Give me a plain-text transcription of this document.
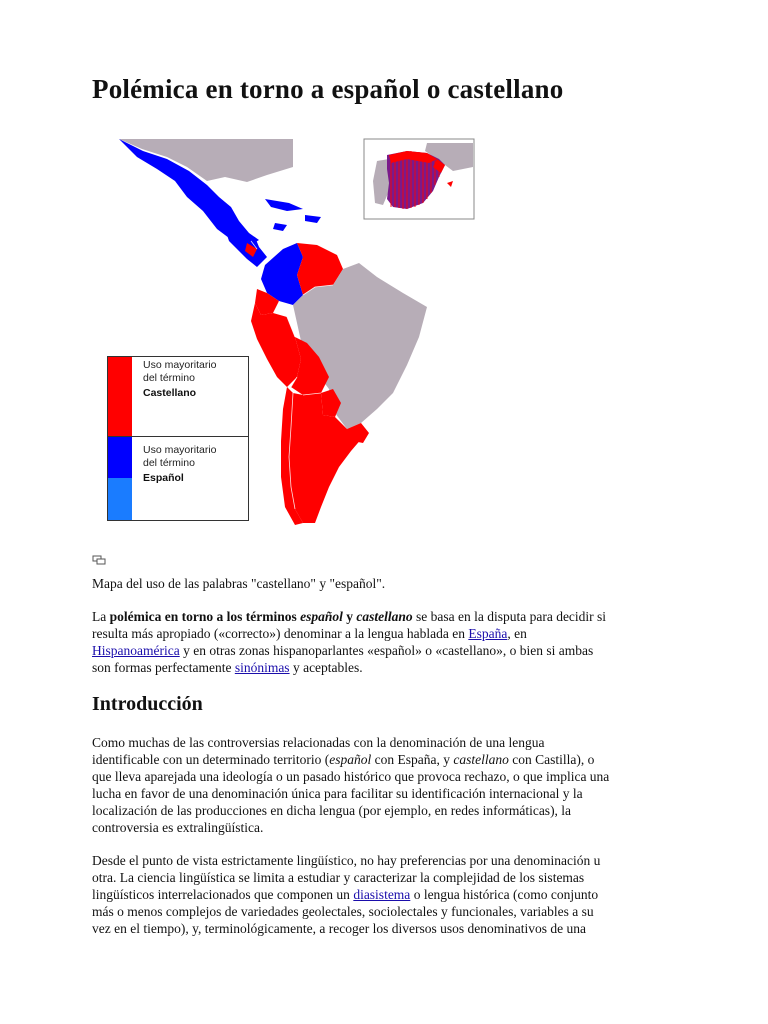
Polémica en torno a español o castellano
Uso mayoritario
del término
Castellano
Uso mayoritario
del término
Español

Mapa del uso de las palabras "castellano" y "español".

La polémica en torno a los términos español y castellano se basa en la disputa para decidir si
resulta más apropiado («correcto») denominar a la lengua hablada en España, en
Hispanoamérica y en otras zonas hispanoparlantes «español» o «castellano», o bien si ambas
son formas perfectamente sinónimas y aceptables.

Introducción

Como muchas de las controversias relacionadas con la denominación de una lengua
identificable con un determinado territorio (español con España, y castellano con Castilla), o
que lleva aparejada una ideología o un pasado histórico que provoca rechazo, o que implica una
lucha en favor de una denominación única para facilitar su identificación internacional y la
localización de las producciones en dicha lengua (por ejemplo, en redes informáticas), la
controversia es extralingüística.

Desde el punto de vista estrictamente lingüístico, no hay preferencias por una denominación u
otra. La ciencia lingüística se limita a estudiar y caracterizar la complejidad de los sistemas
lingüísticos interrelacionados que componen un diasistema o lengua histórica (como conjunto
más o menos complejos de variedades geolectales, sociolectales y funcionales, variables a su
vez en el tiempo), y, terminológicamente, a recoger los diversos usos denominativos de una
